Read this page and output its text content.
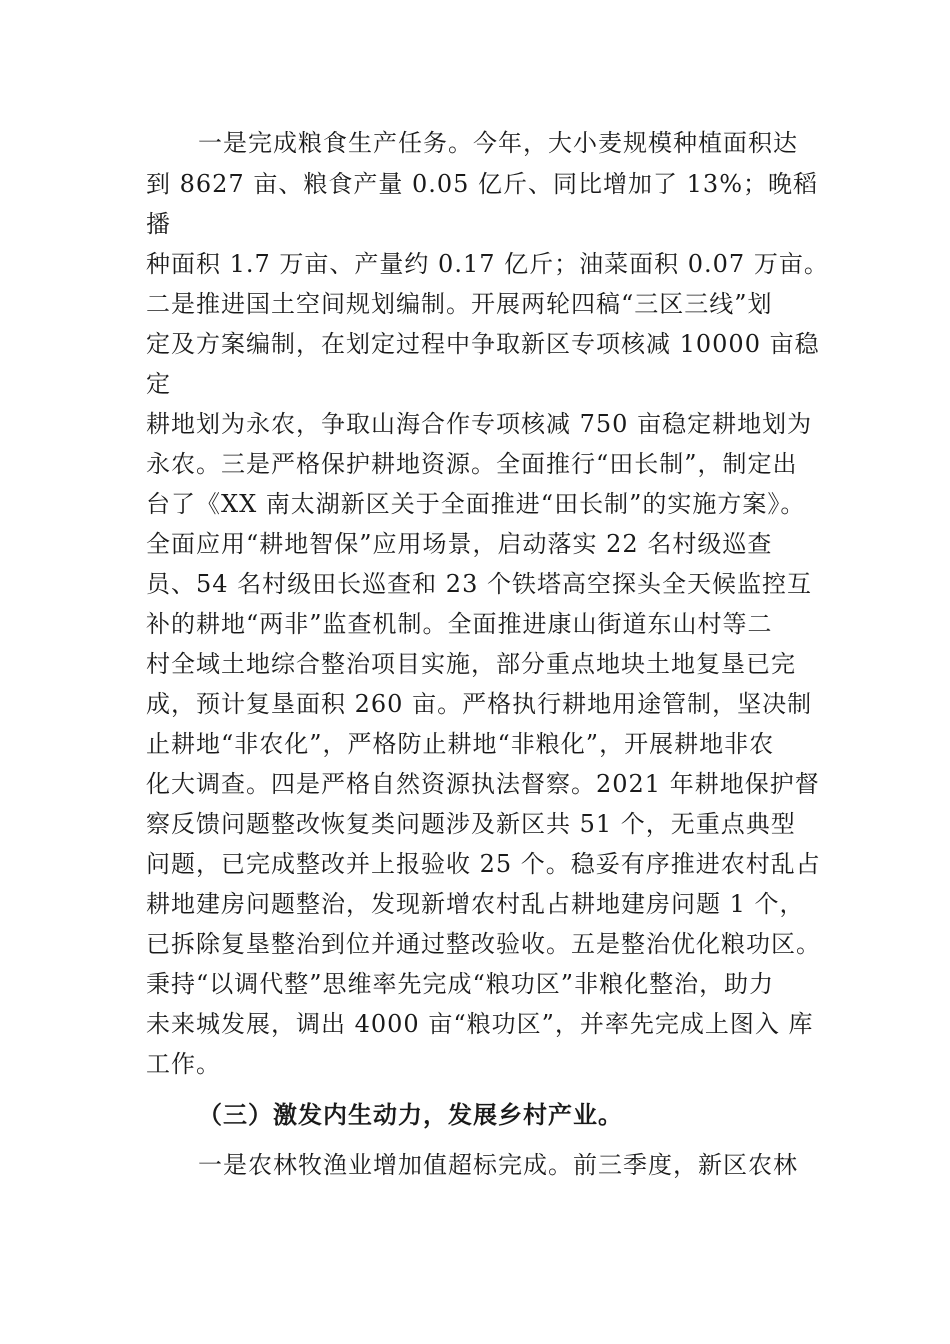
一是完成粮食生产任务。今年，大小麦规模种植面积达
到 8627 亩、粮食产量 0.05 亿斤、同比增加了 13%；晚稻
播
种面积 1.7 万亩、产量约 0.17 亿斤；油菜面积 0.07 万亩。
二是推进国土空间规划编制。开展两轮四稿“三区三线”划
定及方案编制，在划定过程中争取新区专项核减 10000 亩稳
定
耕地划为永农，争取山海合作专项核减 750 亩稳定耕地划为
永农。三是严格保护耕地资源。全面推行“田长制”，制定出
台了《XX 南太湖新区关于全面推进“田长制”的实施方案》。
全面应用“耕地智保”应用场景，启动落实 22 名村级巡查
员、54 名村级田长巡查和 23 个铁塔高空探头全天候监控互
补的耕地“两非”监查机制。全面推进康山街道东山村等二
村全域土地综合整治项目实施，部分重点地块土地复垦已完
成，预计复垦面积 260 亩。严格执行耕地用途管制，坚决制
止耕地“非农化”，严格防止耕地“非粮化”，开展耕地非农
化大调查。四是严格自然资源执法督察。2021 年耕地保护督
察反馈问题整改恢复类问题涉及新区共 51 个，无重点典型
问题，已完成整改并上报验收 25 个。稳妥有序推进农村乱占
耕地建房问题整治，发现新增农村乱占耕地建房问题 1 个，
已拆除复垦整治到位并通过整改验收。五是整治优化粮功区。
秉持“以调代整”思维率先完成“粮功区”非粮化整治，助力
未来城发展，调出 4000 亩“粮功区”，并率先完成上图入 库
工作。
（三）激发内生动力，发展乡村产业。
一是农林牧渔业增加值超标完成。前三季度，新区农林
